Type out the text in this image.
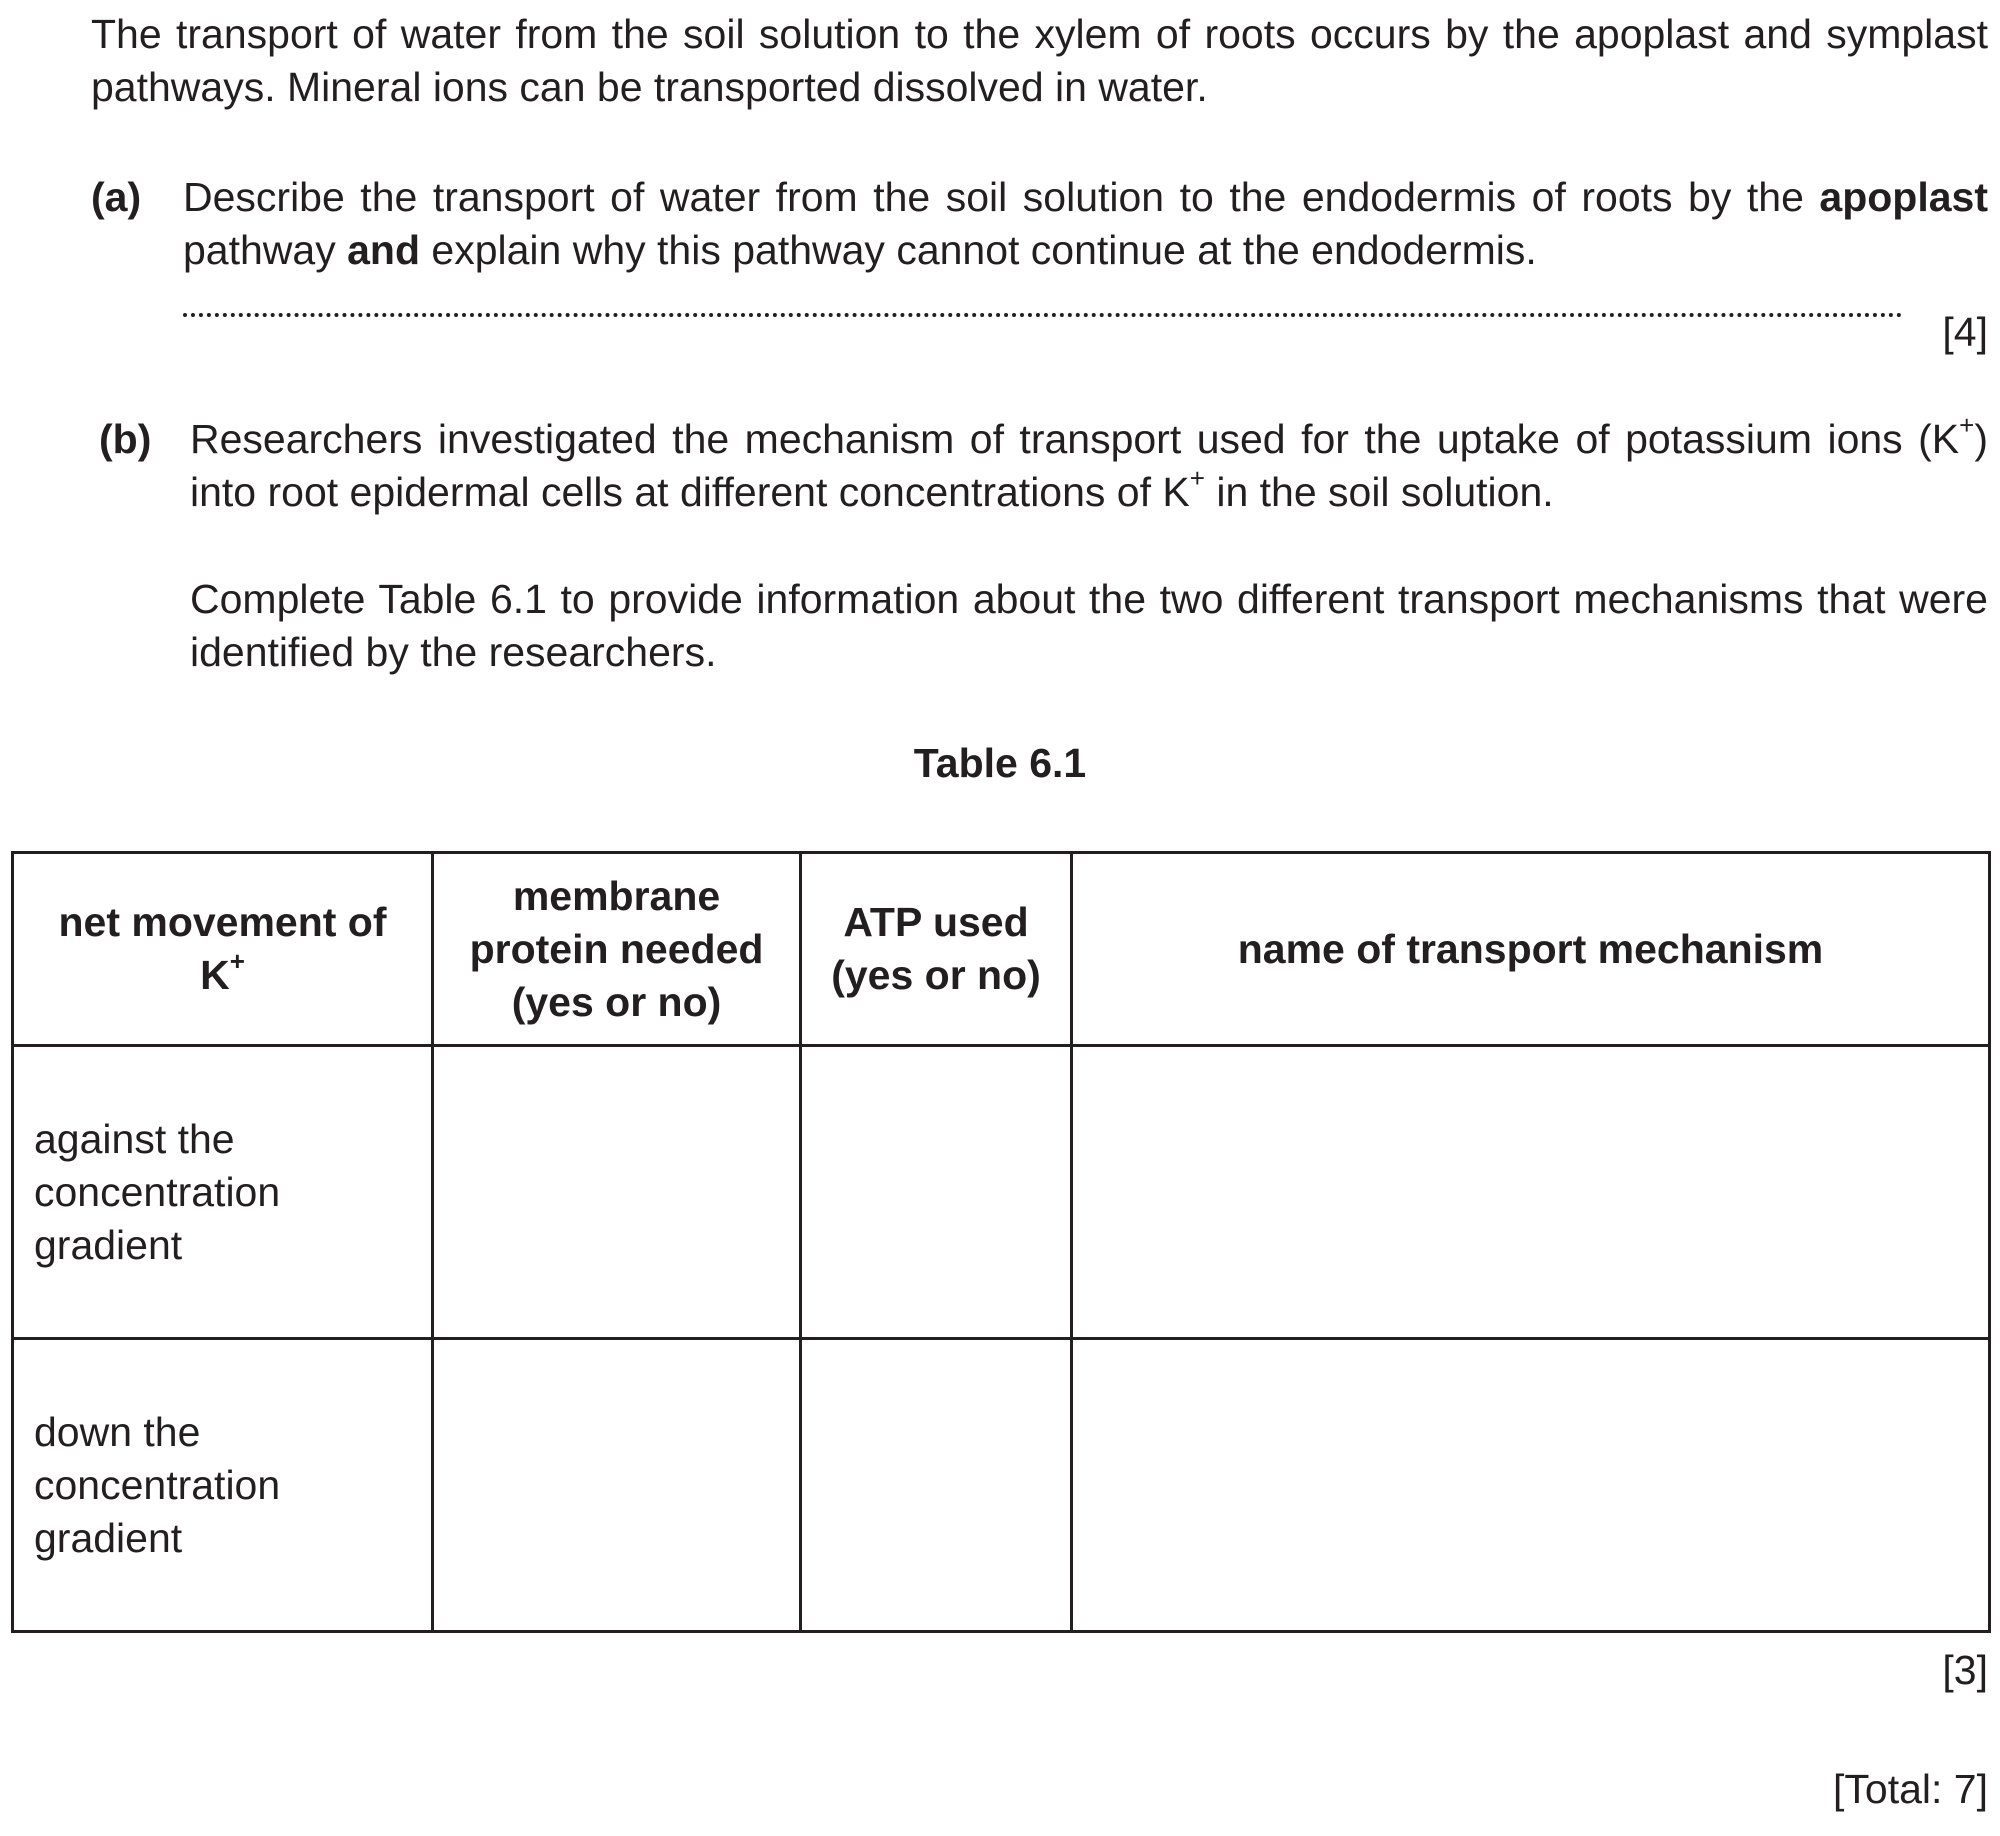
The transport of water from the soil solution to the xylem of roots occurs by the apoplast and symplast pathways. Mineral ions can be transported dissolved in water.

(a) Describe the transport of water from the soil solution to the endodermis of roots by the apoplast pathway and explain why this pathway cannot continue at the endodermis.

[4]
(b) Researchers investigated the mechanism of transport used for the uptake of potassium ions (K+) into root epidermal cells at different concentrations of K+ in the soil solution.

Complete Table 6.1 to provide information about the two different transport mechanisms that were identified by the researchers.

Table 6.1
net movement of K+	membrane protein needed (yes or no)	ATP used (yes or no)	name of transport mechanism
against the concentration gradient			
down the concentration gradient			
[3]
[Total: 7]
